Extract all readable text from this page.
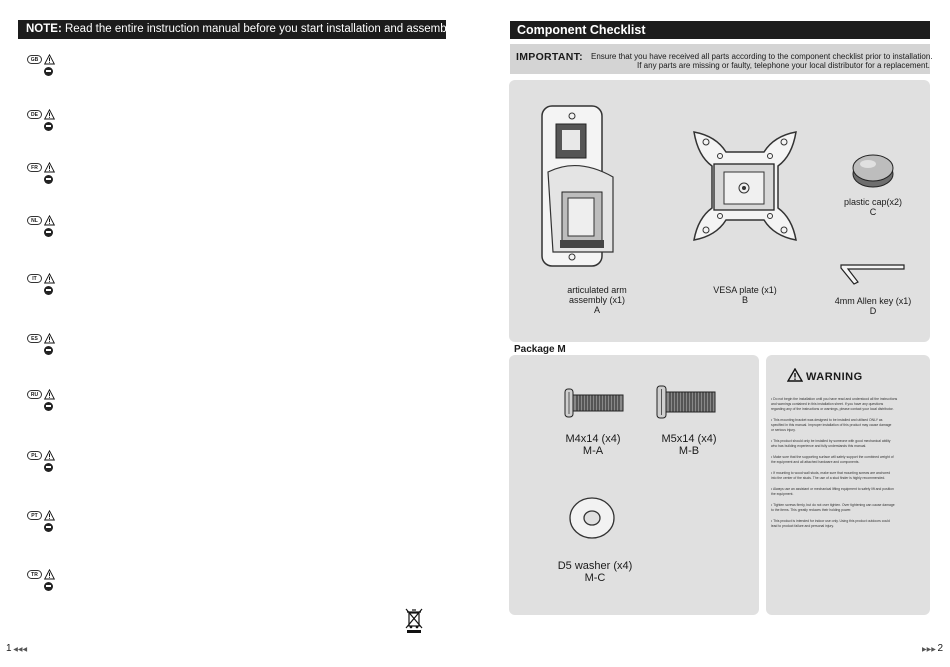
NOTE: Read the entire instruction manual before you start installation and assembly.
GB
DE
FR
NL
IT
ES
RU
PL
PT
TR
1 ◀◀◀
Component Checklist
IMPORTANT: Ensure that you have received all parts according to the component checklist prior to installation.
If any parts are missing or faulty, telephone your local distributor for a replacement.
articulated arm
assembly (x1)
A
VESA plate (x1)
B
plastic cap(x2)
C
4mm Allen key (x1)
D
Package M
M4x14 (x4)
M-A
M5x14 (x4)
M-B
D5 washer (x4)
M-C
WARNING
• Do not begin the installation until you have read and understood all the instructions
and warnings contained in this installation sheet. If you have any questions
regarding any of the instructions or warnings, please contact your local distributor.
• This mounting bracket was designed to be installed and utilised ONLY as
specified in this manual. Improper installation of this product may cause damage
or serious injury.
• This product should only be installed by someone with good mechanical ability
who has building experience and fully understands this manual.
• Make sure that the supporting surface will safely support the combined weight of
the equipment and all attached hardware and components.
• If mounting to wood wall studs, make sure that mounting screws are anchored
into the center of the studs. The use of a stud finder is highly recommended.
• Always use an assistant or mechanical lifting equipment to safely lift and position
the equipment.
• Tighten screws firmly, but do not over tighten. Over tightening can cause damage
to the items. This greatly reduces their holding power.
• This product is intended for indoor use only. Using this product outdoors could
lead to product failure and personal injury.
▶▶▶ 2
